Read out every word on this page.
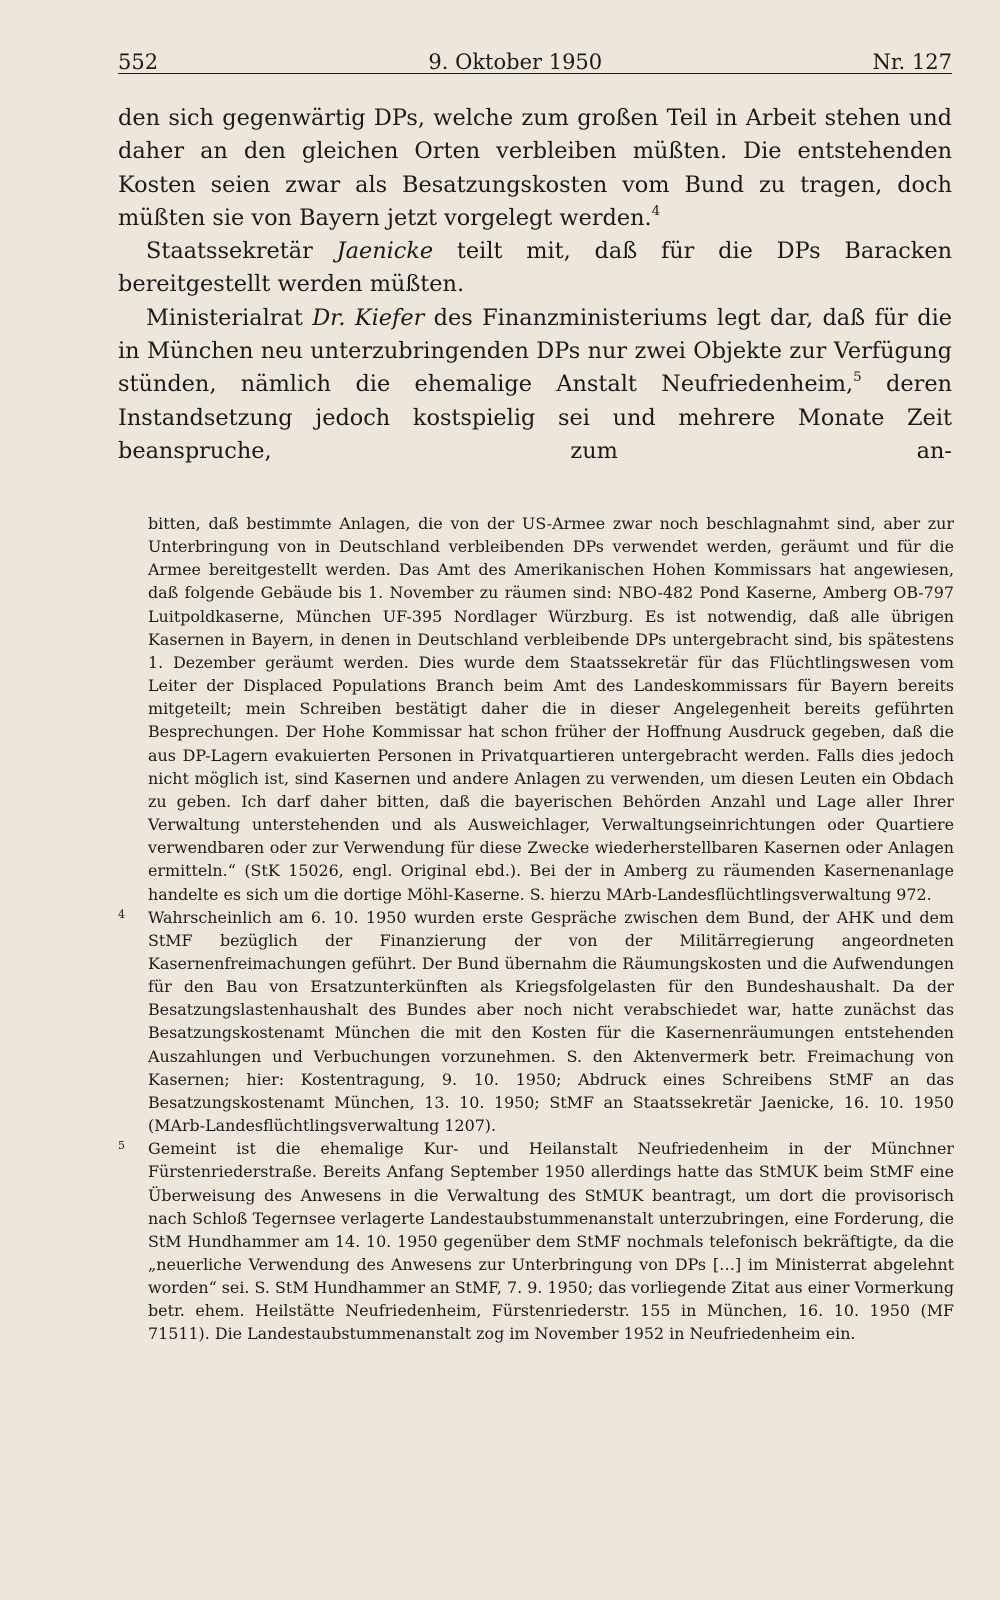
552	9. Oktober 1950	Nr. 127

den sich gegenwärtig DPs, welche zum großen Teil in Arbeit stehen und daher an den gleichen Orten verbleiben müßten. Die entstehenden Kosten seien zwar als Besatzungskosten vom Bund zu tragen, doch müßten sie von Bayern jetzt vorgelegt werden.$^4$

Staatssekretär Jaenicke teilt mit, daß für die DPs Baracken bereitgestellt werden müßten.

Ministerialrat Dr. Kiefer des Finanzministeriums legt dar, daß für die in München neu unterzubringenden DPs nur zwei Objekte zur Verfügung stünden, nämlich die ehemalige Anstalt Neufriedenheim,$^5$ deren Instandsetzung jedoch kostspielig sei und mehrere Monate Zeit beanspruche, zum an-

bitten, daß bestimmte Anlagen, die von der US-Armee zwar noch beschlagnahmt sind, aber zur Unterbringung von in Deutschland verbleibenden DPs verwendet werden, geräumt und für die Armee bereitgestellt werden. Das Amt des Amerikanischen Hohen Kommissars hat angewiesen, daß folgende Gebäude bis 1. November zu räumen sind: NBO-482 Pond Kaserne, Amberg OB-797 Luitpoldkaserne, München UF-395 Nordlager Würzburg. Es ist notwendig, daß alle übrigen Kasernen in Bayern, in denen in Deutschland verbleibende DPs untergebracht sind, bis spätestens 1. Dezember geräumt werden. Dies wurde dem Staatssekretär für das Flüchtlingswesen vom Leiter der Displaced Populations Branch beim Amt des Landeskommissars für Bayern bereits mitgeteilt; mein Schreiben bestätigt daher die in dieser Angelegenheit bereits geführten Besprechungen. Der Hohe Kommissar hat schon früher der Hoffnung Ausdruck gegeben, daß die aus DP-Lagern evakuierten Personen in Privatquartieren untergebracht werden. Falls dies jedoch nicht möglich ist, sind Kasernen und andere Anlagen zu verwenden, um diesen Leuten ein Obdach zu geben. Ich darf daher bitten, daß die bayerischen Behörden Anzahl und Lage aller Ihrer Verwaltung unterstehenden und als Ausweichlager, Verwaltungseinrichtungen oder Quartiere verwendbaren oder zur Verwendung für diese Zwecke wiederherstellbaren Kasernen oder Anlagen ermitteln.“ (StK 15026, engl. Original ebd.). Bei der in Amberg zu räumenden Kasernenanlage handelte es sich um die dortige Möhl-Kaserne. S. hierzu MArb-Landesflüchtlingsverwaltung 972.

4 Wahrscheinlich am 6. 10. 1950 wurden erste Gespräche zwischen dem Bund, der AHK und dem StMF bezüglich der Finanzierung der von der Militärregierung angeordneten Kasernenfreimachungen geführt. Der Bund übernahm die Räumungskosten und die Aufwendungen für den Bau von Ersatzunterkünften als Kriegsfolgelasten für den Bundeshaushalt. Da der Besatzungslastenhaushalt des Bundes aber noch nicht verabschiedet war, hatte zunächst das Besatzungskostenamt München die mit den Kosten für die Kasernenräumungen entstehenden Auszahlungen und Verbuchungen vorzunehmen. S. den Aktenvermerk betr. Freimachung von Kasernen; hier: Kostentragung, 9. 10. 1950; Abdruck eines Schreibens StMF an das Besatzungskostenamt München, 13. 10. 1950; StMF an Staatssekretär Jaenicke, 16. 10. 1950 (MArb-Landesflüchtlingsverwaltung 1207).

5 Gemeint ist die ehemalige Kur- und Heilanstalt Neufriedenheim in der Münchner Fürstenriederstraße. Bereits Anfang September 1950 allerdings hatte das StMUK beim StMF eine Überweisung des Anwesens in die Verwaltung des StMUK beantragt, um dort die provisorisch nach Schloß Tegernsee verlagerte Landestaubstummenanstalt unterzubringen, eine Forderung, die StM Hundhammer am 14. 10. 1950 gegenüber dem StMF nochmals telefonisch bekräftigte, da die „neuerliche Verwendung des Anwesens zur Unterbringung von DPs […] im Ministerrat abgelehnt worden“ sei. S. StM Hundhammer an StMF, 7. 9. 1950; das vorliegende Zitat aus einer Vormerkung betr. ehem. Heilstätte Neufriedenheim, Fürstenriederstr. 155 in München, 16. 10. 1950 (MF 71511). Die Landestaubstummenanstalt zog im November 1952 in Neufriedenheim ein.
